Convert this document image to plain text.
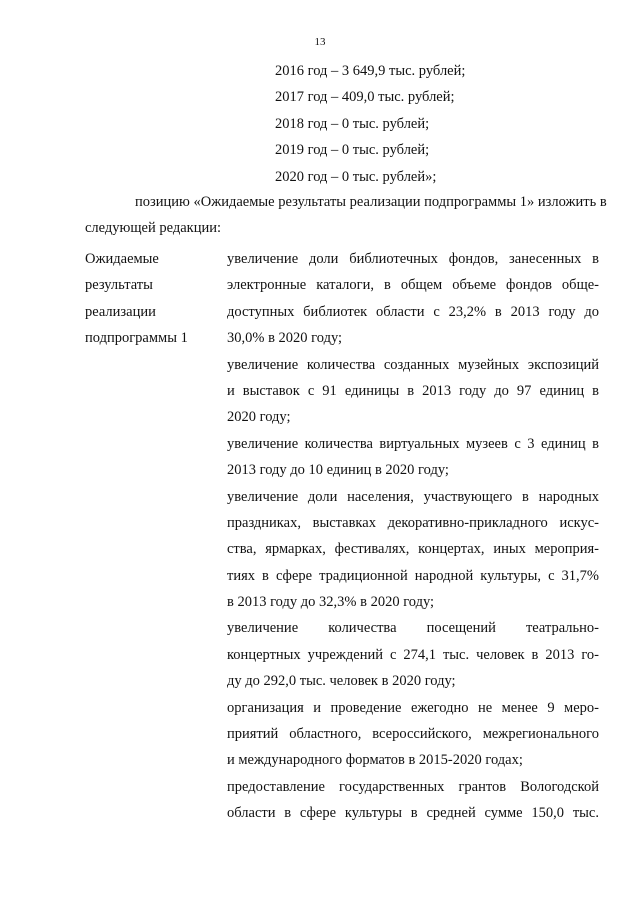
13
2016 год – 3 649,9 тыс. рублей;
2017 год – 409,0 тыс. рублей;
2018 год – 0 тыс. рублей;
2019 год – 0 тыс. рублей;
2020 год – 0 тыс. рублей»;
позицию «Ожидаемые результаты реализации подпрограммы 1» изложить в
следующей редакции:
Ожидаемые
результаты
реализации
подпрограммы 1
увеличение доли библиотечных фондов, занесенных в
электронные каталоги, в общем объеме фондов обще-
доступных библиотек области с 23,2% в 2013 году до
30,0% в 2020 году;
увеличение количества созданных музейных экспозиций
и выставок с 91 единицы в 2013 году до 97 единиц в
2020 году;
увеличение количества виртуальных музеев с 3 единиц в
2013 году до 10 единиц в 2020 году;
увеличение доли населения, участвующего в народных
праздниках, выставках декоративно-прикладного искус-
ства, ярмарках, фестивалях, концертах, иных мероприя-
тиях в сфере традиционной народной культуры, с 31,7%
в 2013 году до 32,3% в 2020 году;
увеличение количества посещений театрально-
концертных учреждений с 274,1 тыс. человек в 2013 го-
ду до 292,0 тыс. человек в 2020 году;
организация и проведение ежегодно не менее 9 меро-
приятий областного, всероссийского, межрегионального
и международного форматов в 2015-2020 годах;
предоставление государственных грантов Вологодской
области в сфере культуры в средней сумме 150,0 тыс.
